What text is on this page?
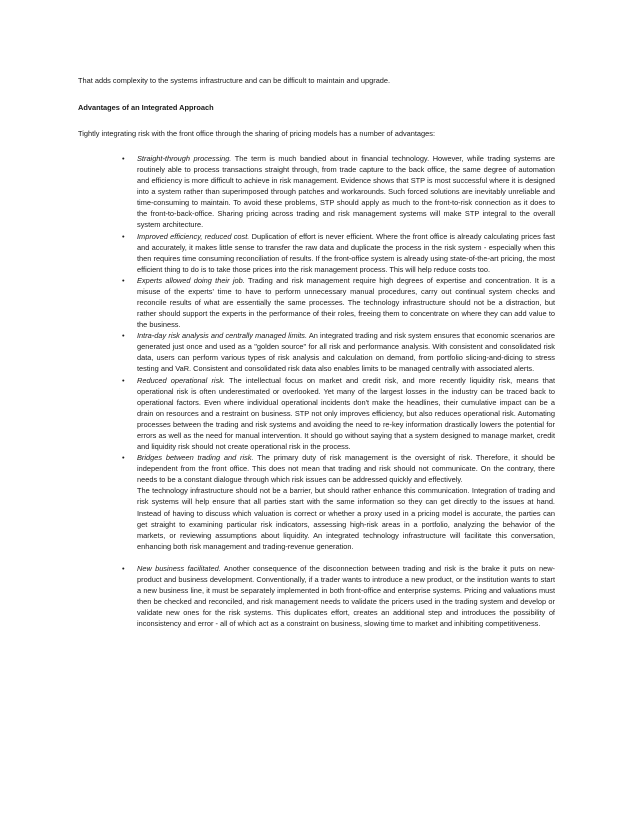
That adds complexity to the systems infrastructure and can be difficult to maintain and upgrade.

Advantages of an Integrated Approach

Tightly integrating risk with the front office through the sharing of pricing models has a number of advantages:

•	Straight-through processing. The term is much bandied about in financial technology. However, while trading systems are routinely able to process transactions straight through, from trade capture to the back office, the same degree of automation and efficiency is more difficult to achieve in risk management. Evidence shows that STP is most successful where it is designed into a system rather than superimposed through patches and workarounds. Such forced solutions are inevitably unreliable and time-consuming to maintain. To avoid these problems, STP should apply as much to the front-to-risk connection as it does to the front-to-back-office. Sharing pricing across trading and risk management systems will make STP integral to the overall system architecture.

•	Improved efficiency, reduced cost. Duplication of effort is never efficient. Where the front office is already calculating prices fast and accurately, it makes little sense to transfer the raw data and duplicate the process in the risk system - especially when this then requires time consuming reconciliation of results. If the front-office system is already using state-of-the-art pricing, the most efficient thing to do is to take those prices into the risk management process. This will help reduce costs too.

•	Experts allowed doing their job. Trading and risk management require high degrees of expertise and concentration. It is a misuse of the experts' time to have to perform unnecessary manual procedures, carry out continual system checks and reconcile results of what are essentially the same processes. The technology infrastructure should not be a distraction, but rather should support the experts in the performance of their roles, freeing them to concentrate on where they can add value to the business.

•	Intra-day risk analysis and centrally managed limits. An integrated trading and risk system ensures that economic scenarios are generated just once and used as a "golden source" for all risk and performance analysis. With consistent and consolidated risk data, users can perform various types of risk analysis and calculation on demand, from portfolio slicing-and-dicing to stress testing and VaR. Consistent and consolidated risk data also enables limits to be managed centrally with associated alerts.

•	Reduced operational risk. The intellectual focus on market and credit risk, and more recently liquidity risk, means that operational risk is often underestimated or overlooked. Yet many of the largest losses in the industry can be traced back to operational factors. Even where individual operational incidents don't make the headlines, their cumulative impact can be a drain on resources and a restraint on business. STP not only improves efficiency, but also reduces operational risk. Automating processes between the trading and risk systems and avoiding the need to re-key information drastically lowers the potential for errors as well as the need for manual intervention. It should go without saying that a system designed to manage market, credit and liquidity risk should not create operational risk in the process.

•	Bridges between trading and risk. The primary duty of risk management is the oversight of risk. Therefore, it should be independent from the front office. This does not mean that trading and risk should not communicate. On the contrary, there needs to be a constant dialogue through which risk issues can be addressed quickly and effectively.

The technology infrastructure should not be a barrier, but should rather enhance this communication. Integration of trading and risk systems will help ensure that all parties start with the same information so they can get directly to the issues at hand. Instead of having to discuss which valuation is correct or whether a proxy used in a pricing model is accurate, the parties can get straight to examining particular risk indicators, assessing high-risk areas in a portfolio, analyzing the behavior of the markets, or reviewing assumptions about liquidity. An integrated technology infrastructure will facilitate this conversation, enhancing both risk management and trading-revenue generation.

•	New business facilitated. Another consequence of the disconnection between trading and risk is the brake it puts on new-product and business development. Conventionally, if a trader wants to introduce a new product, or the institution wants to start a new business line, it must be separately implemented in both front-office and enterprise systems. Pricing and valuations must then be checked and reconciled, and risk management needs to validate the pricers used in the trading system and develop or validate new ones for the risk systems. This duplicates effort, creates an additional step and introduces the possibility of inconsistency and error - all of which act as a constraint on business, slowing time to market and inhibiting competitiveness.
